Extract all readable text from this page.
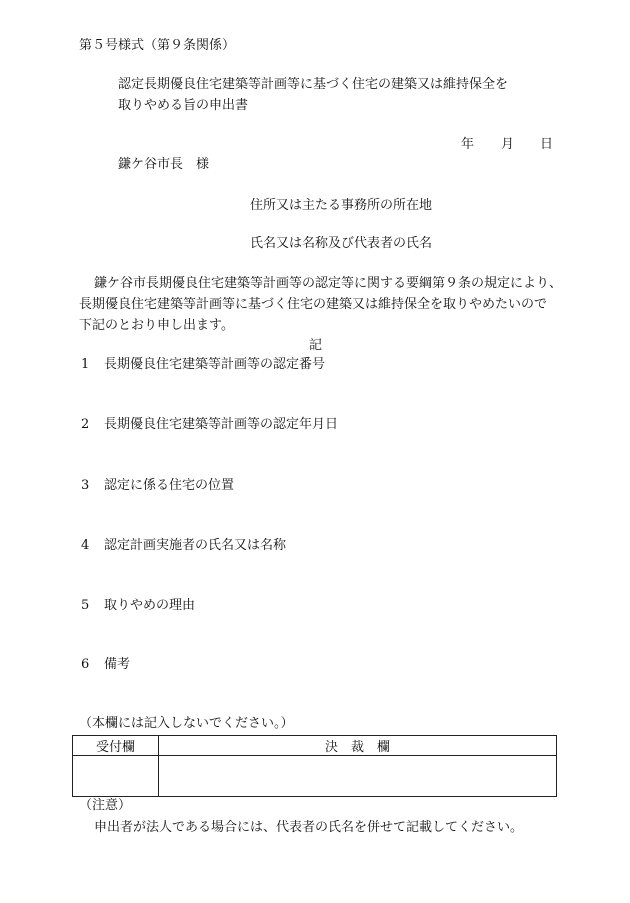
第５号様式（第９条関係）
認定長期優良住宅建築等計画等に基づく住宅の建築又は維持保全を
取りやめる旨の申出書
年 月 日
鎌ケ谷市長　様
住所又は主たる事務所の所在地
氏名又は名称及び代表者の氏名
鎌ケ谷市長期優良住宅建築等計画等の認定等に関する要綱第９条の規定により、
長期優良住宅建築等計画等に基づく住宅の建築又は維持保全を取りやめたいので
下記のとおり申し出ます。
記
1 長期優良住宅建築等計画等の認定番号
2 長期優良住宅建築等計画等の認定年月日
3 認定に係る住宅の位置
4 認定計画実施者の氏名又は名称
5 取りやめの理由
6 備考
（本欄には記入しないでください。）
受付欄	決　裁　欄

（注意）
申出者が法人である場合には、代表者の氏名を併せて記載してください。
